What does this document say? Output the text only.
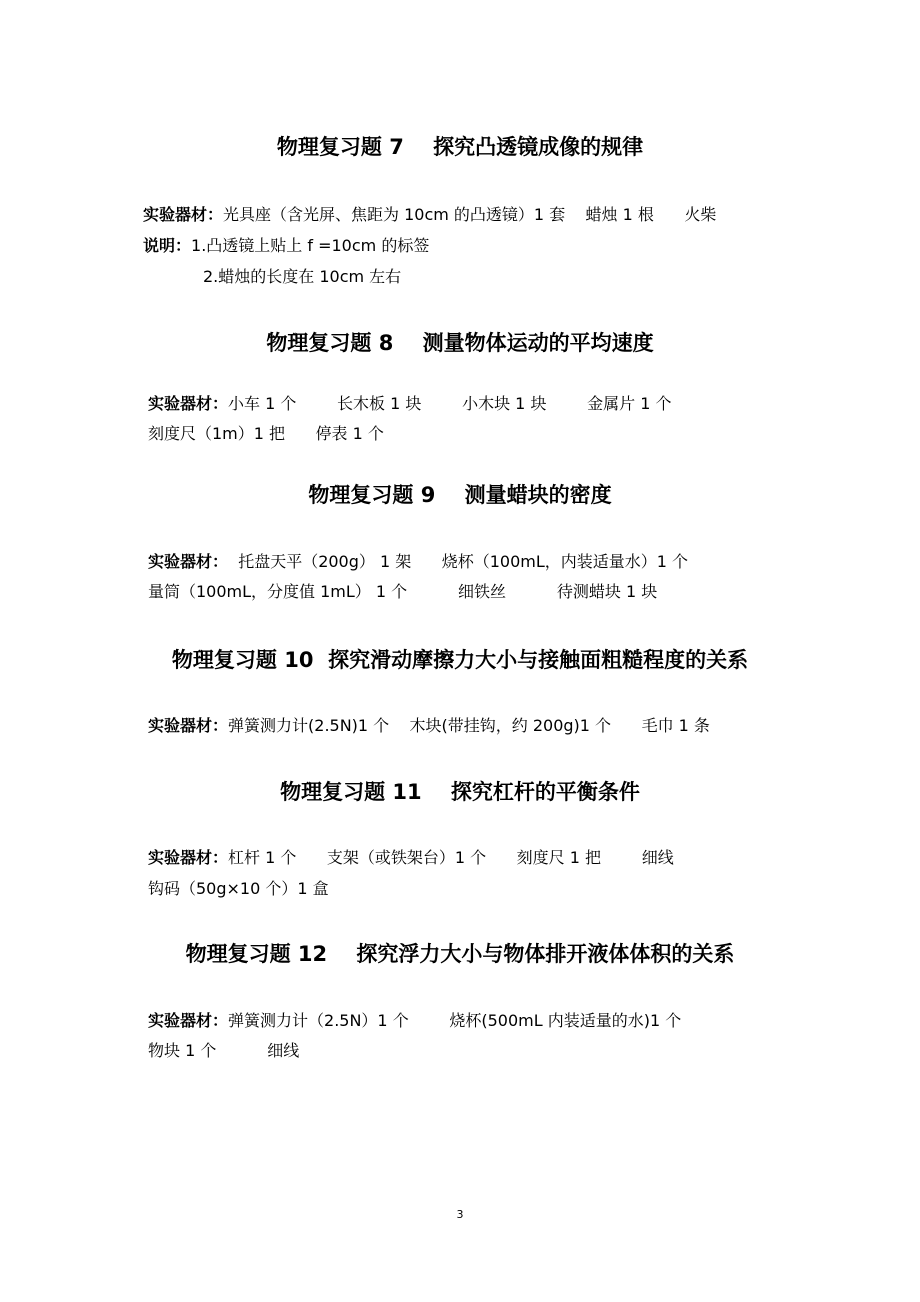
物理复习题 7    探究凸透镜成像的规律

实验器材：光具座（含光屏、焦距为 10cm 的凸透镜）1 套    蜡烛 1 根      火柴

说明：1.凸透镜上贴上 f =10cm 的标签

2.蜡烛的长度在 10cm 左右

物理复习题 8    测量物体运动的平均速度

实验器材：小车 1 个        长木板 1 块        小木块 1 块        金属片 1 个

刻度尺（1m）1 把      停表 1 个

物理复习题 9    测量蜡块的密度

实验器材：  托盘天平（200g） 1 架      烧杯（100mL，内装适量水）1 个

量筒（100mL，分度值 1mL） 1 个          细铁丝          待测蜡块 1 块

物理复习题 10  探究滑动摩擦力大小与接触面粗糙程度的关系

实验器材：弹簧测力计(2.5N)1 个    木块(带挂钩，约 200g)1 个      毛巾 1 条

物理复习题 11    探究杠杆的平衡条件

实验器材：杠杆 1 个      支架（或铁架台）1 个      刻度尺 1 把        细线

钩码（50g×10 个）1 盒

物理复习题 12    探究浮力大小与物体排开液体体积的关系

实验器材：弹簧测力计（2.5N）1 个        烧杯(500mL 内装适量的水)1 个

物块 1 个          细线

3
